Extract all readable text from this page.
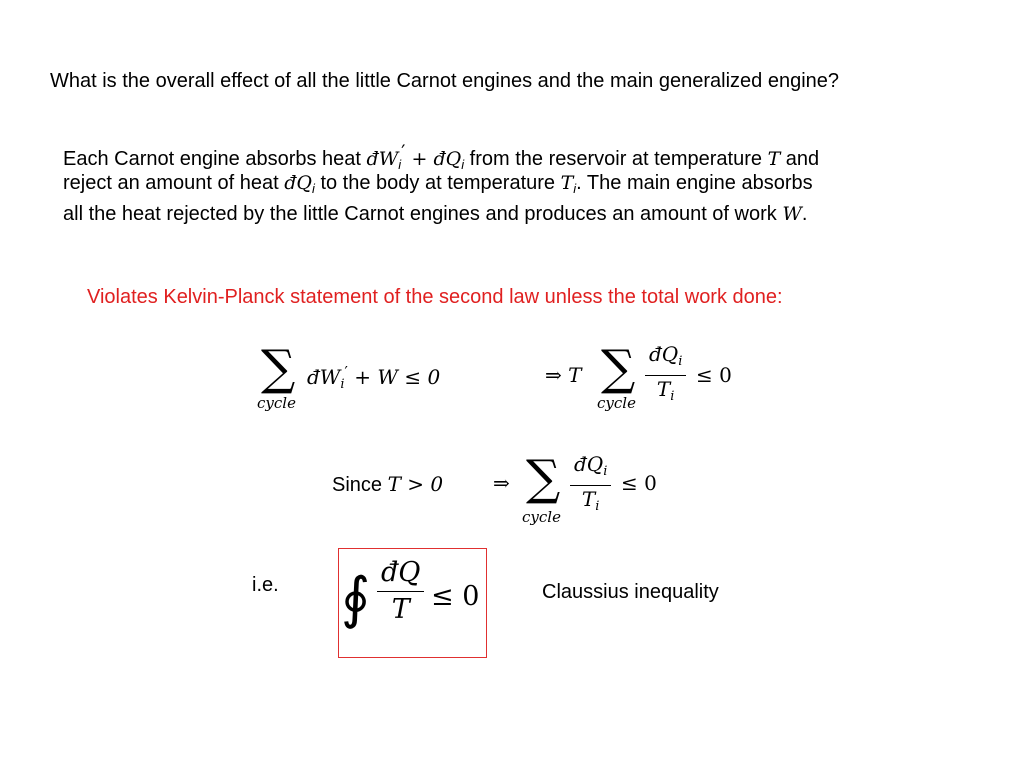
What is the overall effect of all the little Carnot engines and the main generalized engine?
Each Carnot engine absorbs heat $đW_i'$ + $đQ_i$ from the reservoir at temperature T and
reject an amount of heat $đQ_i$ to the body at temperature $T_i$. The main engine absorbs
all the heat rejected by the little Carnot engines and produces an amount of work W.
Violates Kelvin-Planck statement of the second law unless the total work done:
∑
cycle
$đW_i' + W \le 0$	⇒ T ∑
cycle
$đQ_i$
$T_i$
≤ 0
Since T > 0 ⇒ ∑
cycle
$đQ_i$
$T_i$
≤ 0
i.e. ∮ $\frac{đQ}{T} \le 0$	Claussius inequality
